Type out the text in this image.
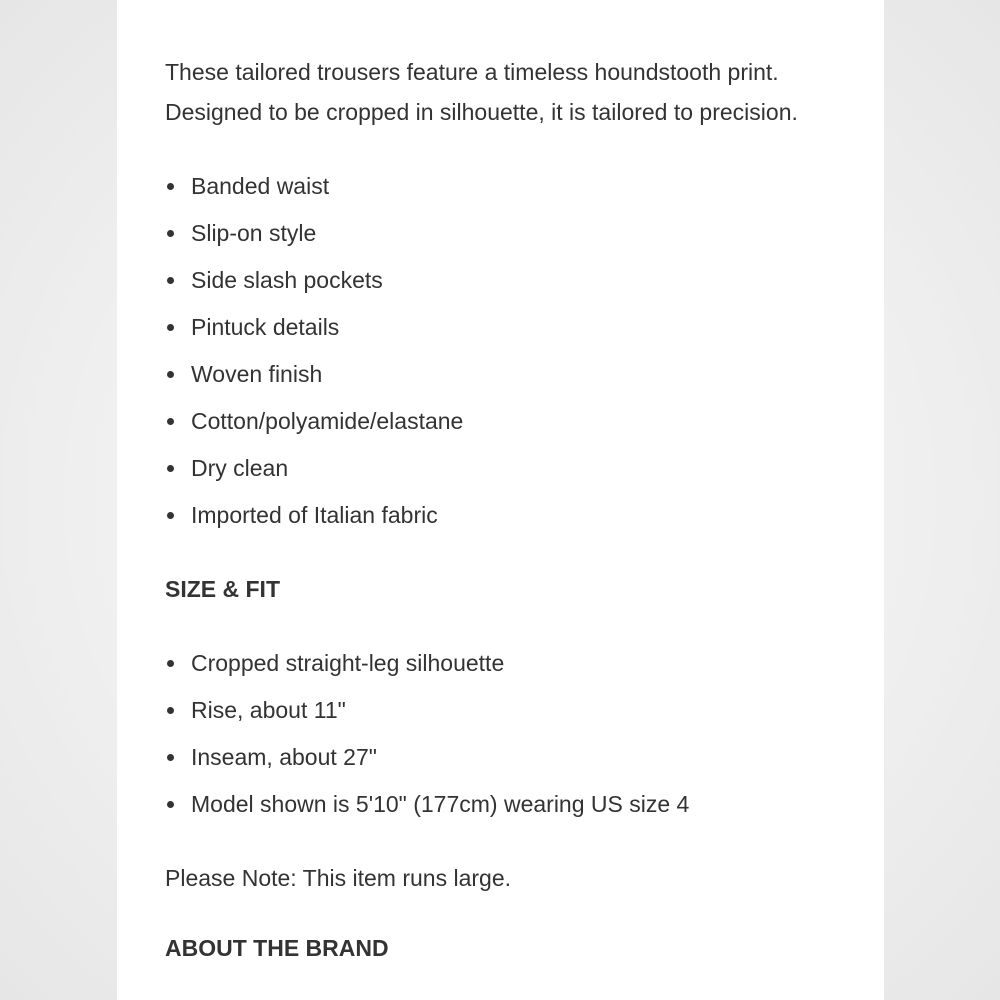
These tailored trousers feature a timeless houndstooth print. Designed to be cropped in silhouette, it is tailored to precision.

Banded waist
Slip-on style
Side slash pockets
Pintuck details
Woven finish
Cotton/polyamide/elastane
Dry clean
Imported of Italian fabric
SIZE & FIT
Cropped straight-leg silhouette
Rise, about 11"
Inseam, about 27"
Model shown is 5'10" (177cm) wearing US size 4

Please Note: This item runs large.

ABOUT THE BRAND
